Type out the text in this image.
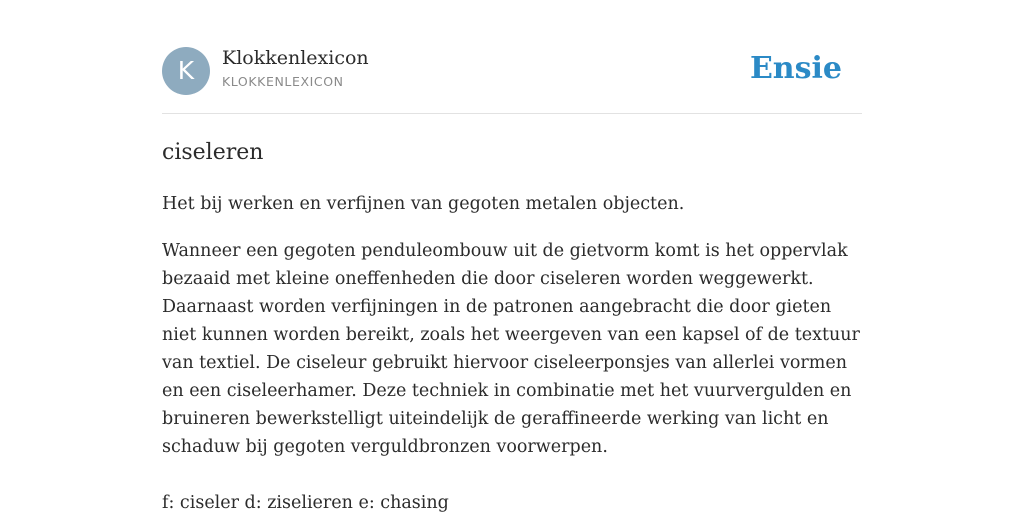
K	Klokkenlexicon
KLOKKENLEXICON	Ensie
ciseleren

Het bij werken en verfijnen van gegoten metalen objecten.

Wanneer een gegoten penduleombouw uit de gietvorm komt is het oppervlak bezaaid met kleine oneffenheden die door ciseleren worden weggewerkt. Daarnaast worden verfijningen in de patronen aangebracht die door gieten niet kunnen worden bereikt, zoals het weergeven van een kapsel of de textuur van textiel. De ciseleur gebruikt hiervoor ciseleerponsjes van allerlei vormen en een ciseleerhamer. Deze techniek in combinatie met het vuurvergulden en bruineren bewerkstelligt uiteindelijk de geraffineerde werking van licht en schaduw bij gegoten verguldbronzen voorwerpen.

f: ciseler d: ziselieren e: chasing
